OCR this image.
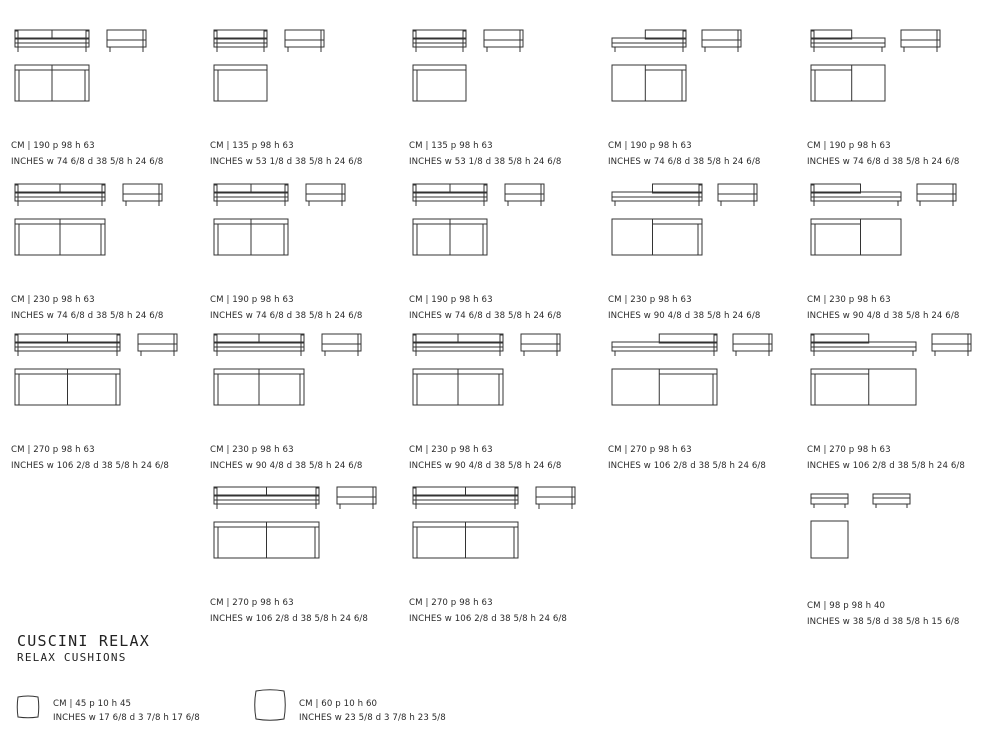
CM | 190 p 98 h 63
INCHES w 74 6/8 d 38 5/8 h 24 6/8
CM | 135 p 98 h 63
INCHES w 53 1/8 d 38 5/8 h 24 6/8
CM | 135 p 98 h 63
INCHES w 53 1/8 d 38 5/8 h 24 6/8
CM | 190 p 98 h 63
INCHES w 74 6/8 d 38 5/8 h 24 6/8
CM | 190 p 98 h 63
INCHES w 74 6/8 d 38 5/8 h 24 6/8
CM | 230 p 98 h 63
INCHES w 74 6/8 d 38 5/8 h 24 6/8
CM | 190 p 98 h 63
INCHES w 74 6/8 d 38 5/8 h 24 6/8
CM | 190 p 98 h 63
INCHES w 74 6/8 d 38 5/8 h 24 6/8
CM | 230 p 98 h 63
INCHES w 90 4/8 d 38 5/8 h 24 6/8
CM | 230 p 98 h 63
INCHES w 90 4/8 d 38 5/8 h 24 6/8
CM | 270 p 98 h 63
INCHES w 106 2/8 d 38 5/8 h 24 6/8
CM | 230 p 98 h 63
INCHES w 90 4/8 d 38 5/8 h 24 6/8
CM | 230 p 98 h 63
INCHES w 90 4/8 d 38 5/8 h 24 6/8
CM | 270 p 98 h 63
INCHES w 106 2/8 d 38 5/8 h 24 6/8
CM | 270 p 98 h 63
INCHES w 106 2/8 d 38 5/8 h 24 6/8
CM | 270 p 98 h 63
INCHES w 106 2/8 d 38 5/8 h 24 6/8
CM | 270 p 98 h 63
INCHES w 106 2/8 d 38 5/8 h 24 6/8
CM | 98 p 98 h 40
INCHES w 38 5/8 d 38 5/8 h 15 6/8
CUSCINI RELAX
RELAX CUSHIONS
CM | 45 p 10 h 45
INCHES w 17 6/8 d 3 7/8 h 17 6/8
CM | 60 p 10 h 60
INCHES w 23 5/8 d 3 7/8 h 23 5/8
